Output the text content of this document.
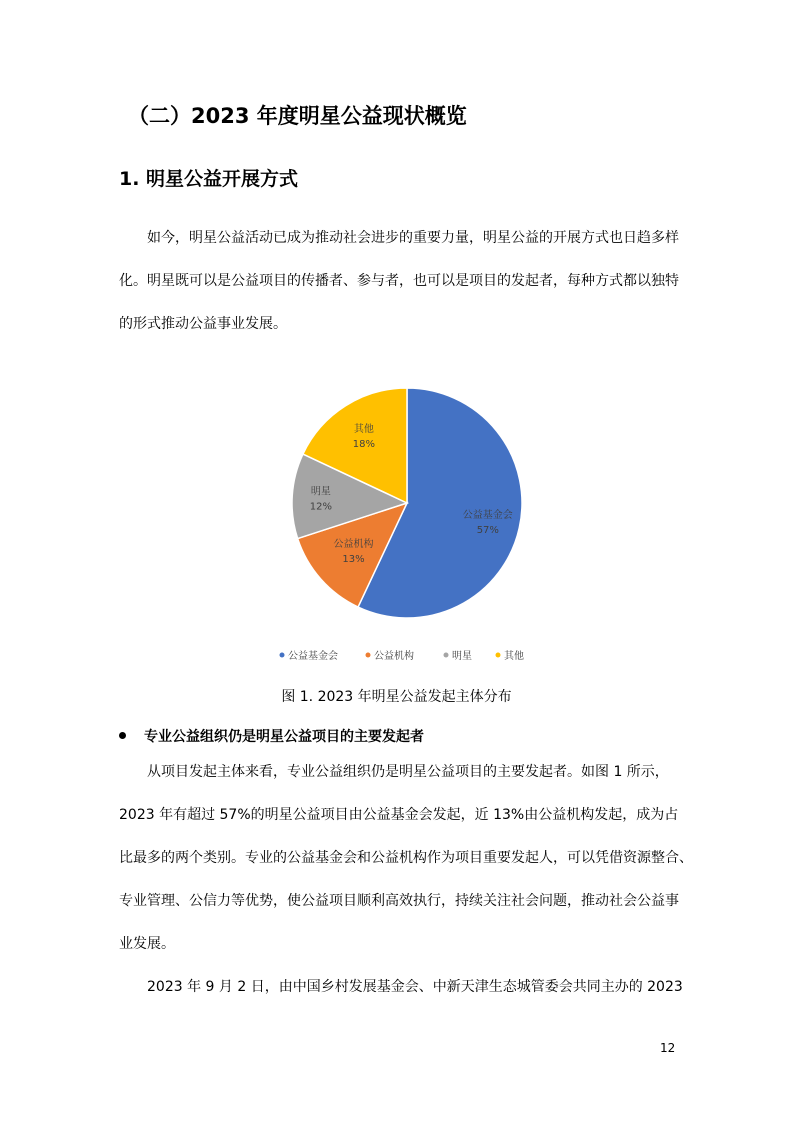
（二）2023 年度明星公益现状概览
1. 明星公益开展方式

如今，明星公益活动已成为推动社会进步的重要力量，明星公益的开展方式也日趋多样
化。明星既可以是公益项目的传播者、参与者，也可以是项目的发起者，每种方式都以独特
的形式推动公益事业发展。

公益基金会
57%
公益机构
13%
明星
12%
其他
18%
公益基金会	公益机构	明星	其他
图 1. 2023 年明星公益发起主体分布
专业公益组织仍是明星公益项目的主要发起者

从项目发起主体来看，专业公益组织仍是明星公益项目的主要发起者。如图 1 所示，
2023 年有超过 57%的明星公益项目由公益基金会发起，近 13%由公益机构发起，成为占
比最多的两个类别。专业的公益基金会和公益机构作为项目重要发起人，可以凭借资源整合、
专业管理、公信力等优势，使公益项目顺利高效执行，持续关注社会问题，推动社会公益事
业发展。

2023 年 9 月 2 日，由中国乡村发展基金会、中新天津生态城管委会共同主办的 2023

12
